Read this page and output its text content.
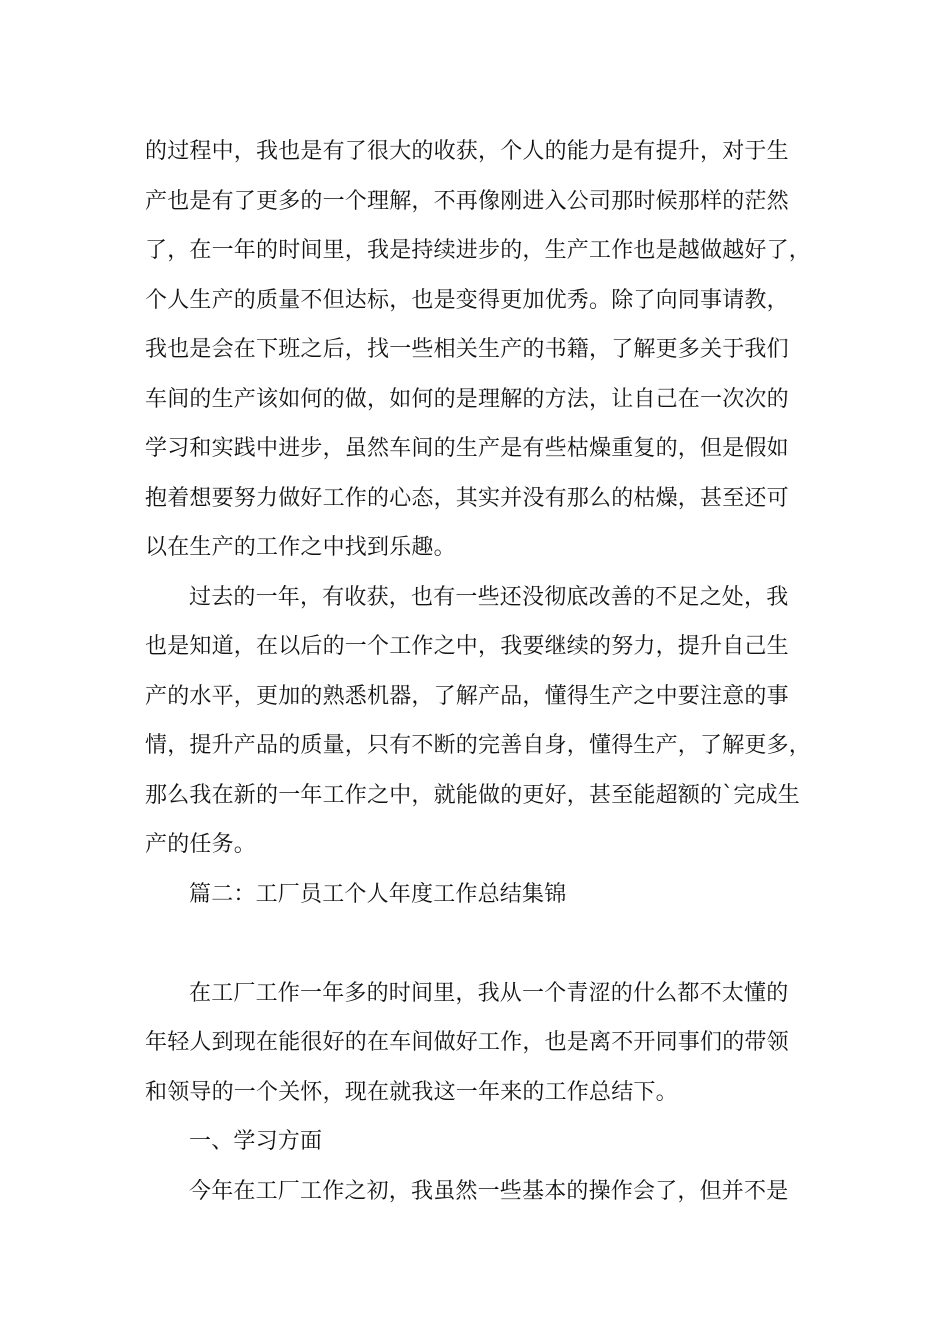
的过程中，我也是有了很大的收获，个人的能力是有提升，对于生
产也是有了更多的一个理解，不再像刚进入公司那时候那样的茫然
了，在一年的时间里，我是持续进步的，生产工作也是越做越好了，
个人生产的质量不但达标，也是变得更加优秀。除了向同事请教，
我也是会在下班之后，找一些相关生产的书籍，了解更多关于我们
车间的生产该如何的做，如何的是理解的方法，让自己在一次次的
学习和实践中进步，虽然车间的生产是有些枯燥重复的，但是假如
抱着想要努力做好工作的心态，其实并没有那么的枯燥，甚至还可
以在生产的工作之中找到乐趣。
过去的一年，有收获，也有一些还没彻底改善的不足之处，我
也是知道，在以后的一个工作之中，我要继续的努力，提升自己生
产的水平，更加的熟悉机器，了解产品，懂得生产之中要注意的事
情，提升产品的质量，只有不断的完善自身，懂得生产，了解更多，
那么我在新的一年工作之中，就能做的更好，甚至能超额的`完成生
产的任务。
篇二：工厂员工个人年度工作总结集锦
在工厂工作一年多的时间里，我从一个青涩的什么都不太懂的
年轻人到现在能很好的在车间做好工作，也是离不开同事们的带领
和领导的一个关怀，现在就我这一年来的工作总结下。
一、学习方面
今年在工厂工作之初，我虽然一些基本的操作会了，但并不是
